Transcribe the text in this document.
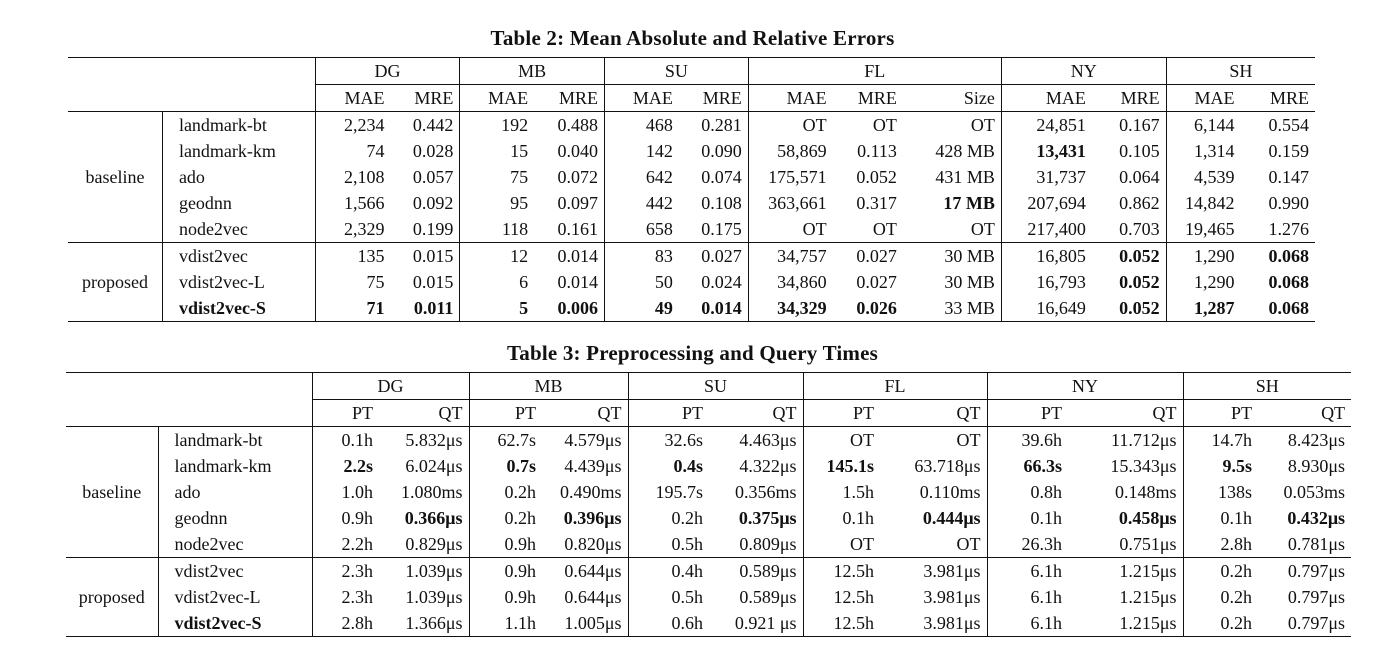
Table 2: Mean Absolute and Relative Errors
		DG		MB		SU		FL			NY		SH	
		MAE	MRE	MAE	MRE	MAE	MRE	MAE	MRE	Size	MAE	MRE	MAE	MRE
baseline	landmark-bt	2,234	0.442	192	0.488	468	0.281	OT	OT	OT	24,851	0.167	6,144	0.554
	landmark-km	74	0.028	15	0.040	142	0.090	58,869	0.113	428 MB	13,431	0.105	1,314	0.159
	ado	2,108	0.057	75	0.072	642	0.074	175,571	0.052	431 MB	31,737	0.064	4,539	0.147
	geodnn	1,566	0.092	95	0.097	442	0.108	363,661	0.317	17 MB	207,694	0.862	14,842	0.990
	node2vec	2,329	0.199	118	0.161	658	0.175	OT	OT	OT	217,400	0.703	19,465	1.276
proposed	vdist2vec	135	0.015	12	0.014	83	0.027	34,757	0.027	30 MB	16,805	0.052	1,290	0.068
	vdist2vec-L	75	0.015	6	0.014	50	0.024	34,860	0.027	30 MB	16,793	0.052	1,290	0.068
	vdist2vec-S	71	0.011	5	0.006	49	0.014	34,329	0.026	33 MB	16,649	0.052	1,287	0.068
Table 3: Preprocessing and Query Times
		DG		MB		SU		FL		NY		SH	
		PT	QT	PT	QT	PT	QT	PT	QT	PT	QT	PT	QT
baseline	landmark-bt	0.1h	5.832μs	62.7s	4.579μs	32.6s	4.463μs	OT	OT	39.6h	11.712μs	14.7h	8.423μs
	landmark-km	2.2s	6.024μs	0.7s	4.439μs	0.4s	4.322μs	145.1s	63.718μs	66.3s	15.343μs	9.5s	8.930μs
	ado	1.0h	1.080ms	0.2h	0.490ms	195.7s	0.356ms	1.5h	0.110ms	0.8h	0.148ms	138s	0.053ms
	geodnn	0.9h	0.366μs	0.2h	0.396μs	0.2h	0.375μs	0.1h	0.444μs	0.1h	0.458μs	0.1h	0.432μs
	node2vec	2.2h	0.829μs	0.9h	0.820μs	0.5h	0.809μs	OT	OT	26.3h	0.751μs	2.8h	0.781μs
proposed	vdist2vec	2.3h	1.039μs	0.9h	0.644μs	0.4h	0.589μs	12.5h	3.981μs	6.1h	1.215μs	0.2h	0.797μs
	vdist2vec-L	2.3h	1.039μs	0.9h	0.644μs	0.5h	0.589μs	12.5h	3.981μs	6.1h	1.215μs	0.2h	0.797μs
	vdist2vec-S	2.8h	1.366μs	1.1h	1.005μs	0.6h	0.921 μs	12.5h	3.981μs	6.1h	1.215μs	0.2h	0.797μs
